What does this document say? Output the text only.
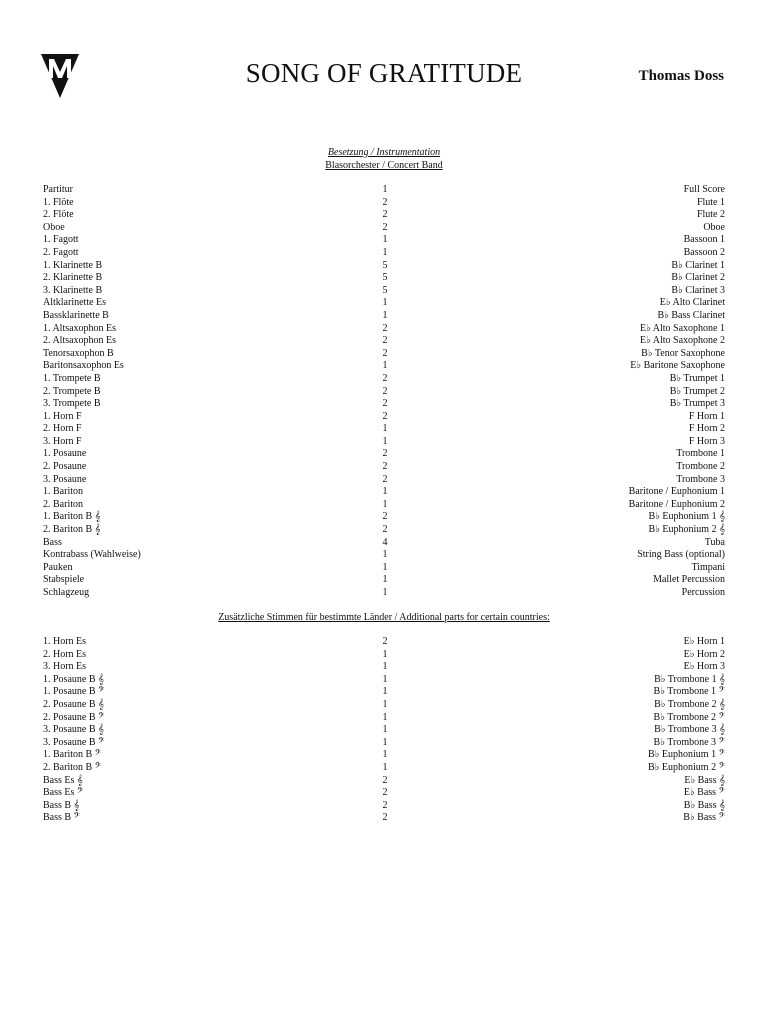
SONG OF GRATITUDE	Thomas Doss
Besetzung / Instrumentation
Blasorchester / Concert Band
Partitur	1	Full Score
1. Flöte	2	Flute 1
2. Flöte	2	Flute 2
Oboe	2	Oboe
1. Fagott	1	Bassoon 1
2. Fagott	1	Bassoon 2
1. Klarinette B	5	B♭ Clarinet 1
2. Klarinette B	5	B♭ Clarinet 2
3. Klarinette B	5	B♭ Clarinet 3
Altklarinette Es	1	E♭ Alto Clarinet
Bassklarinette B	1	B♭ Bass Clarinet
1. Altsaxophon Es	2	E♭ Alto Saxophone 1
2. Altsaxophon Es	2	E♭ Alto Saxophone 2
Tenorsaxophon B	2	B♭ Tenor Saxophone
Baritonsaxophon Es	1	E♭ Baritone Saxophone
1. Trompete B	2	B♭ Trumpet 1
2. Trompete B	2	B♭ Trumpet 2
3. Trompete B	2	B♭ Trumpet 3
1. Horn F	2	F Horn 1
2. Horn F	1	F Horn 2
3. Horn F	1	F Horn 3
1. Posaune	2	Trombone 1
2. Posaune	2	Trombone 2
3. Posaune	2	Trombone 3
1. Bariton	1	Baritone / Euphonium 1
2. Bariton	1	Baritone / Euphonium 2
1. Bariton B 𝄞	2	B♭ Euphonium 1 𝄞
2. Bariton B 𝄞	2	B♭ Euphonium 2 𝄞
Bass	4	Tuba
Kontrabass (Wahlweise)	1	String Bass (optional)
Pauken	1	Timpani
Stabspiele	1	Mallet Percussion
Schlagzeug	1	Percussion
Zusätzliche Stimmen für bestimmte Länder / Additional parts for certain countries:
1. Horn Es	2	E♭ Horn 1
2. Horn Es	1	E♭ Horn 2
3. Horn Es	1	E♭ Horn 3
1. Posaune B 𝄞	1	B♭ Trombone 1 𝄞
1. Posaune B 𝄢	1	B♭ Trombone 1 𝄢
2. Posaune B 𝄞	1	B♭ Trombone 2 𝄞
2. Posaune B 𝄢	1	B♭ Trombone 2 𝄢
3. Posaune B 𝄞	1	B♭ Trombone 3 𝄞
3. Posaune B 𝄢	1	B♭ Trombone 3 𝄢
1. Bariton B 𝄢	1	B♭ Euphonium 1 𝄢
2. Bariton B 𝄢	1	B♭ Euphonium 2 𝄢
Bass Es 𝄞	2	E♭ Bass 𝄞
Bass Es 𝄢	2	E♭ Bass 𝄢
Bass B 𝄞	2	B♭ Bass 𝄞
Bass B 𝄢	2	B♭ Bass 𝄢
